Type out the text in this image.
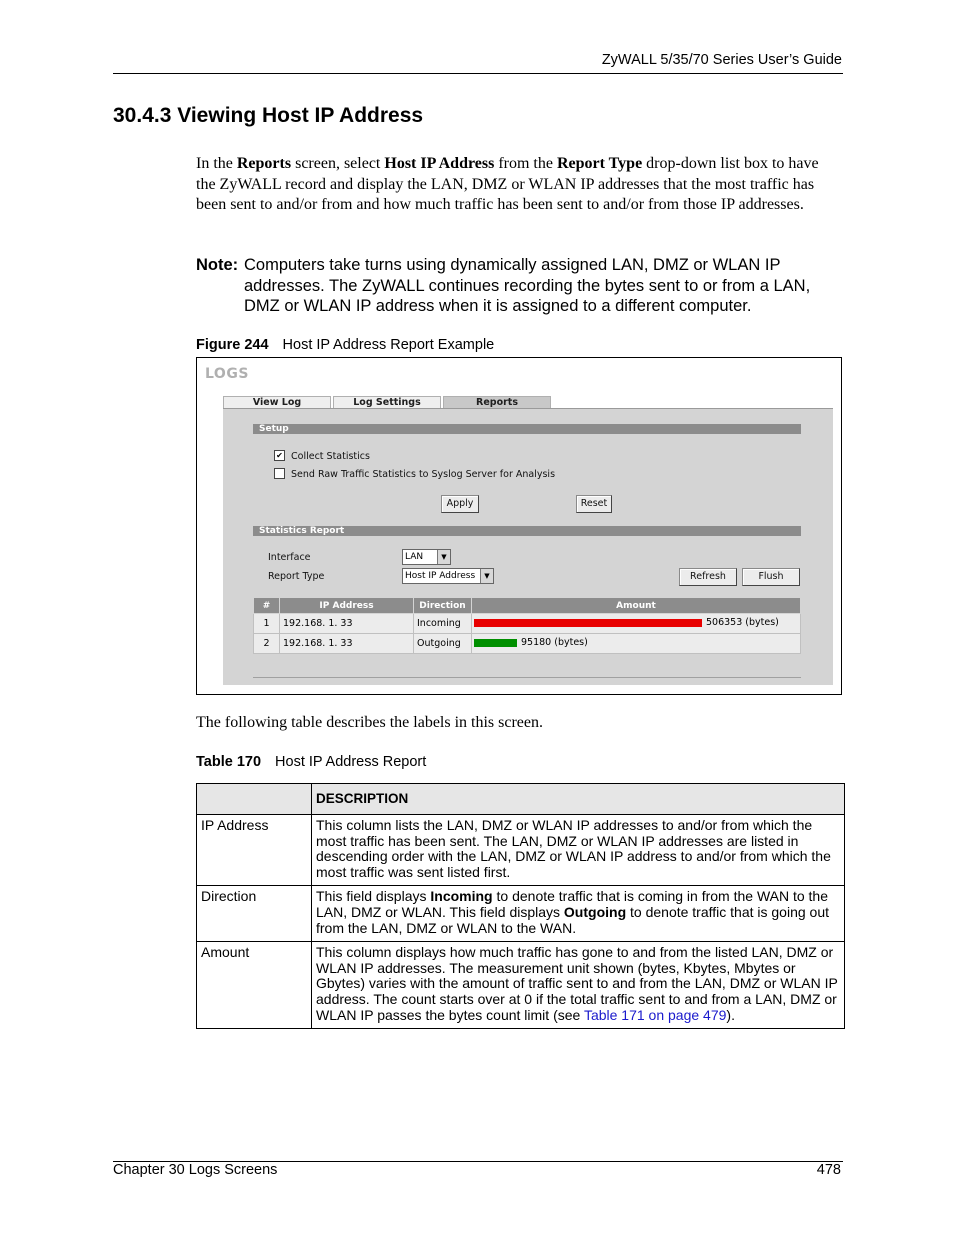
ZyWALL 5/35/70 Series User’s Guide
30.4.3 Viewing Host IP Address
In the Reports screen, select Host IP Address from the Report Type drop-down list box to have the ZyWALL record and display the LAN, DMZ or WLAN IP addresses that the most traffic has been sent to and/or from and how much traffic has been sent to and/or from those IP addresses.
Note: Computers take turns using dynamically assigned LAN, DMZ or WLAN IP addresses. The ZyWALL continues recording the bytes sent to or from a LAN, DMZ or WLAN IP address when it is assigned to a different computer.
Figure 244 Host IP Address Report Example
LOGS
View Log	Log Settings	Reports
Setup
✔ Collect Statistics
Send Raw Traffic Statistics to Syslog Server for Analysis
Apply	Reset
Statistics Report
Interface	LAN	▼
Report Type	Host IP Address	▼	Refresh	Flush
#	IP Address	Direction	Amount
1	192.168. 1. 33	Incoming	506353 (bytes)

2	192.168. 1. 33	Outgoing	95180 (bytes)
The following table describes the labels in this screen.
Table 170 Host IP Address Report
	DESCRIPTION
IP Address	This column lists the LAN, DMZ or WLAN IP addresses to and/or from which the most traffic has been sent. The LAN, DMZ or WLAN IP addresses are listed in descending order with the LAN, DMZ or WLAN IP address to and/or from which the most traffic was sent listed first.
Direction	This field displays Incoming to denote traffic that is coming in from the WAN to the LAN, DMZ or WLAN. This field displays Outgoing to denote traffic that is going out from the LAN, DMZ or WLAN to the WAN.
Amount	This column displays how much traffic has gone to and from the listed LAN, DMZ or WLAN IP addresses. The measurement unit shown (bytes, Kbytes, Mbytes or Gbytes) varies with the amount of traffic sent to and from the LAN, DMZ or WLAN IP address. The count starts over at 0 if the total traffic sent to and from a LAN, DMZ or WLAN IP passes the bytes count limit (see Table 171 on page 479).
Chapter 30 Logs Screens	478
